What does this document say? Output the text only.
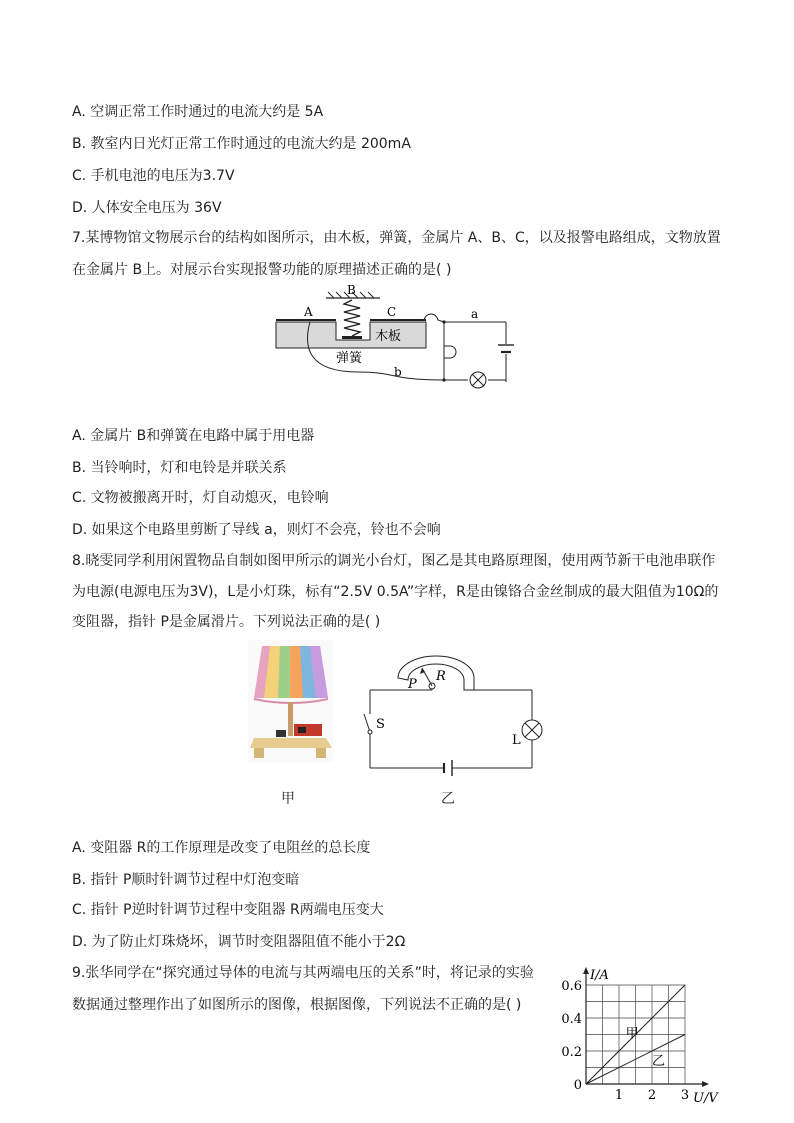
A. 空调正常工作时通过的电流大约是 5A
B. 教室内日光灯正常工作时通过的电流大约是 200mA
C. 手机电池的电压为3.7V
D. 人体安全电压为 36V
7.某博物馆文物展示台的结构如图所示，由木板，弹簧，金属片 A、B、C，以及报警电路组成，文物放置
在金属片 B上。对展示台实现报警功能的原理描述正确的是( )
B
A	C
木板
弹簧
a
b
A. 金属片 B和弹簧在电路中属于用电器
B. 当铃响时，灯和电铃是并联关系
C. 文物被搬离开时，灯自动熄灭，电铃响
D. 如果这个电路里剪断了导线 a，则灯不会亮，铃也不会响
8.晓雯同学利用闲置物品自制如图甲所示的调光小台灯，图乙是其电路原理图，使用两节新干电池串联作
为电源(电源电压为3V)，L是小灯珠，标有“2.5V 0.5A”字样，R是由镍铬合金丝制成的最大阻值为10Ω的
变阻器，指针 P是金属滑片。下列说法正确的是( )
甲
P
R
S
L
乙
A. 变阻器 R的工作原理是改变了电阻丝的总长度
B. 指针 P顺时针调节过程中灯泡变暗
C. 指针 P逆时针调节过程中变阻器 R两端电压变大
D. 为了防止灯珠烧坏，调节时变阻器阻值不能小于2Ω
9.张华同学在“探究通过导体的电流与其两端电压的关系”时，将记录的实验
数据通过整理作出了如图所示的图像，根据图像，下列说法不正确的是( )
甲
乙
0
0.2
0.4
0.6
1 2 3
I/A
U/V
